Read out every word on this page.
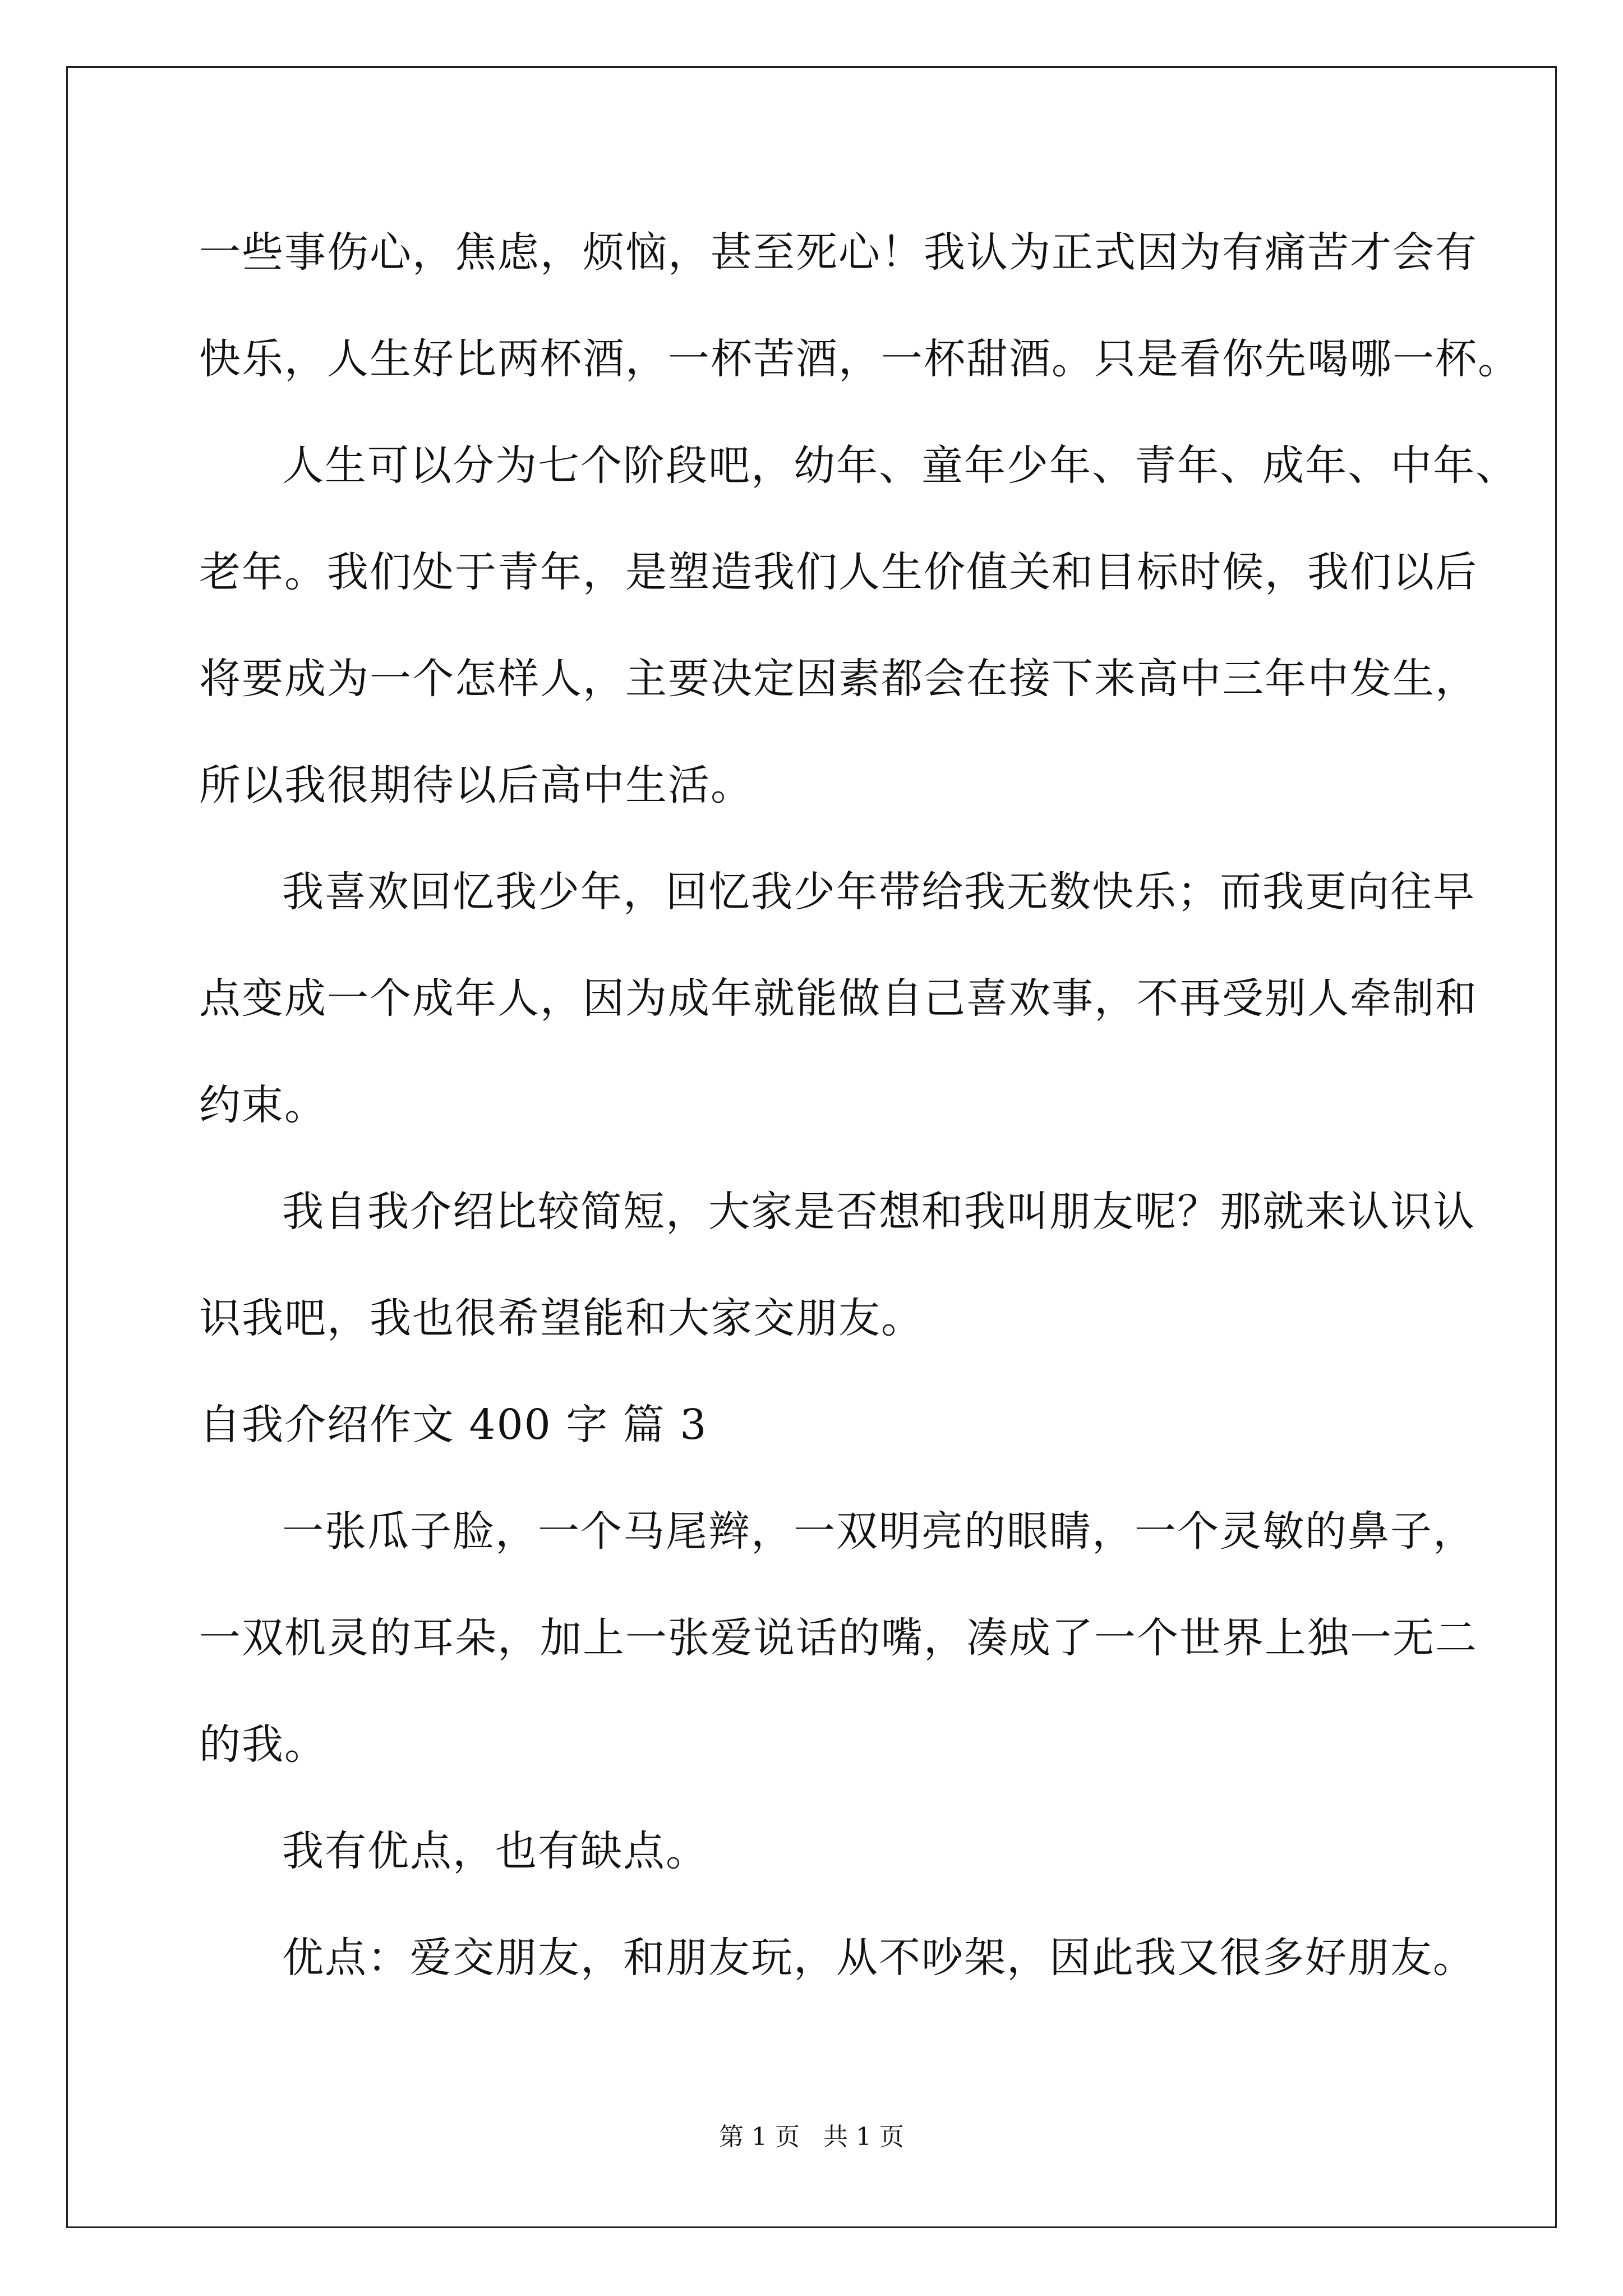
一些事伤心，焦虑，烦恼，甚至死心！我认为正式因为有痛苦才会有
快乐，人生好比两杯酒，一杯苦酒，一杯甜酒。只是看你先喝哪一杯。
人生可以分为七个阶段吧，幼年、童年少年、青年、成年、中年、
老年。我们处于青年，是塑造我们人生价值关和目标时候，我们以后
将要成为一个怎样人，主要决定因素都会在接下来高中三年中发生，
所以我很期待以后高中生活。
我喜欢回忆我少年，回忆我少年带给我无数快乐；而我更向往早
点变成一个成年人，因为成年就能做自己喜欢事，不再受别人牵制和
约束。
我自我介绍比较简短，大家是否想和我叫朋友呢？那就来认识认
识我吧，我也很希望能和大家交朋友。
自我介绍作文 400 字 篇 3
一张瓜子脸，一个马尾辫，一双明亮的眼睛，一个灵敏的鼻子，
一双机灵的耳朵，加上一张爱说话的嘴，凑成了一个世界上独一无二
的我。
我有优点，也有缺点。
优点：爱交朋友，和朋友玩，从不吵架，因此我又很多好朋友。
第 1 页   共 1 页
